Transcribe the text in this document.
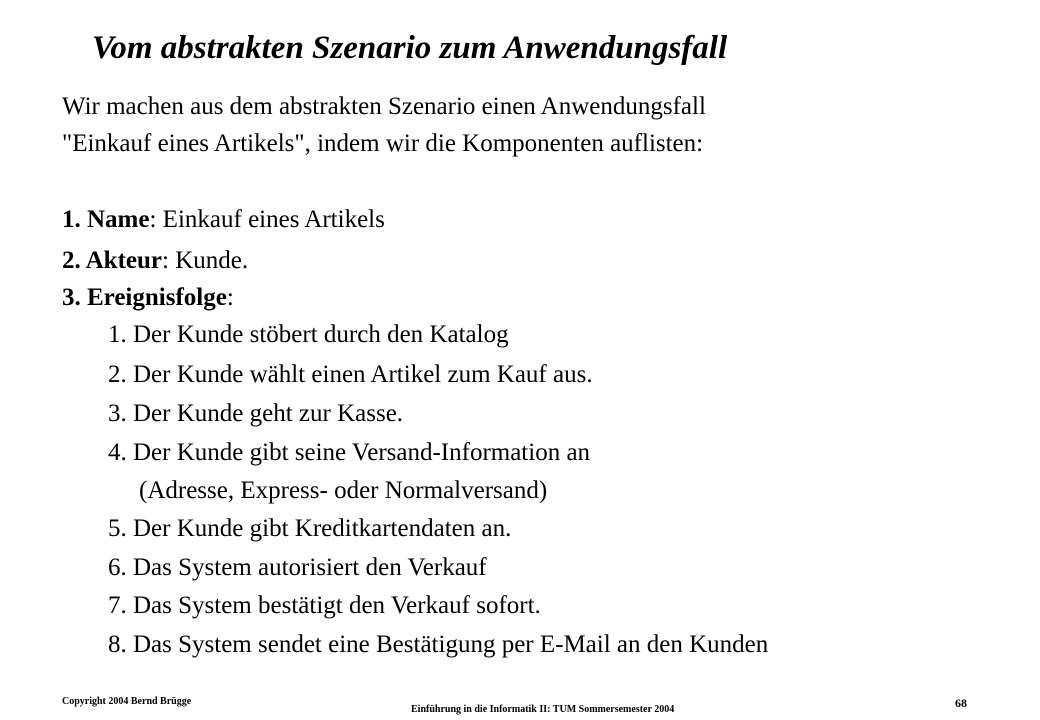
Vom abstrakten Szenario zum Anwendungsfall

Wir machen aus dem abstrakten Szenario einen Anwendungsfall

"Einkauf eines Artikels", indem wir die Komponenten auflisten:

1. Name: Einkauf eines Artikels

2. Akteur: Kunde.

3. Ereignisfolge:

1. Der Kunde stöbert durch den Katalog

2. Der Kunde wählt einen Artikel zum Kauf aus.

3. Der Kunde geht zur Kasse.

4. Der Kunde gibt seine Versand-Information an

(Adresse, Express- oder Normalversand)

5. Der Kunde gibt Kreditkartendaten an.

6. Das System autorisiert den Verkauf

7. Das System bestätigt den Verkauf sofort.

8. Das System sendet eine Bestätigung per E-Mail an den Kunden

Copyright 2004 Bernd Brügge
Einführung in die Informatik II: TUM Sommersemester 2004	68
